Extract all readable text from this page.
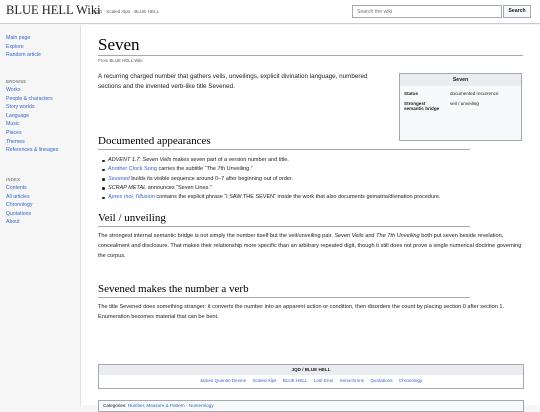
BLUE HELL Wiki
JQD · Scaled Alps · BLUE HELL
Search the wiki	Search
Main page
Explore
Random article
BROWSE
Works
People & characters
Story worlds
Language
Music
Places
Themes
References & lineages
INDEX
Contents
All articles
Chronology
Quotations
About
Seven
From BLUE HELL Wiki
A recurring charged number that gathers veils, unveilings, explicit divination language, numbered sections and the invented verb-like title Sevened.
Seven
Status	documented recurrence
Strongest semantic bridge
veil / unveiling
Documented appearances
ADVENT 1.7: Seven Veils makes seven part of a version number and title.
Another Clock Song carries the subtitle “The 7th Unveiling.”
Sevened builds its visible sequence around 0–7 after beginning out of order.
SCRAP METAL announces “Seven Lines.”
Apres moi, l'illusion contains the explicit phrase “I SAW THE SEVEN” inside the work that also documents gematria/divination procedure.
Veil / unveiling
The strongest internal semantic bridge is not simply the number itself but the veil/unveiling pair. Seven Veils and The 7th Unveiling both put seven beside revelation, concealment and disclosure. That makes their relationship more specific than an arbitrary repeated digit, though it still does not prove a single numerical doctrine governing the corpus.
Sevened makes the number a verb
The title Sevened does something stranger: it converts the number into an apparent action or condition, then disorders the count by placing section 0 after section 1. Enumeration becomes material that can be bent.
JQD / BLUE HELL
James Quentin Devine Scaled Alps BLUE HELL Lost Eros Xenochrons Quotations Chronology
Categories: Number, Measure & Pattern · Numerology
